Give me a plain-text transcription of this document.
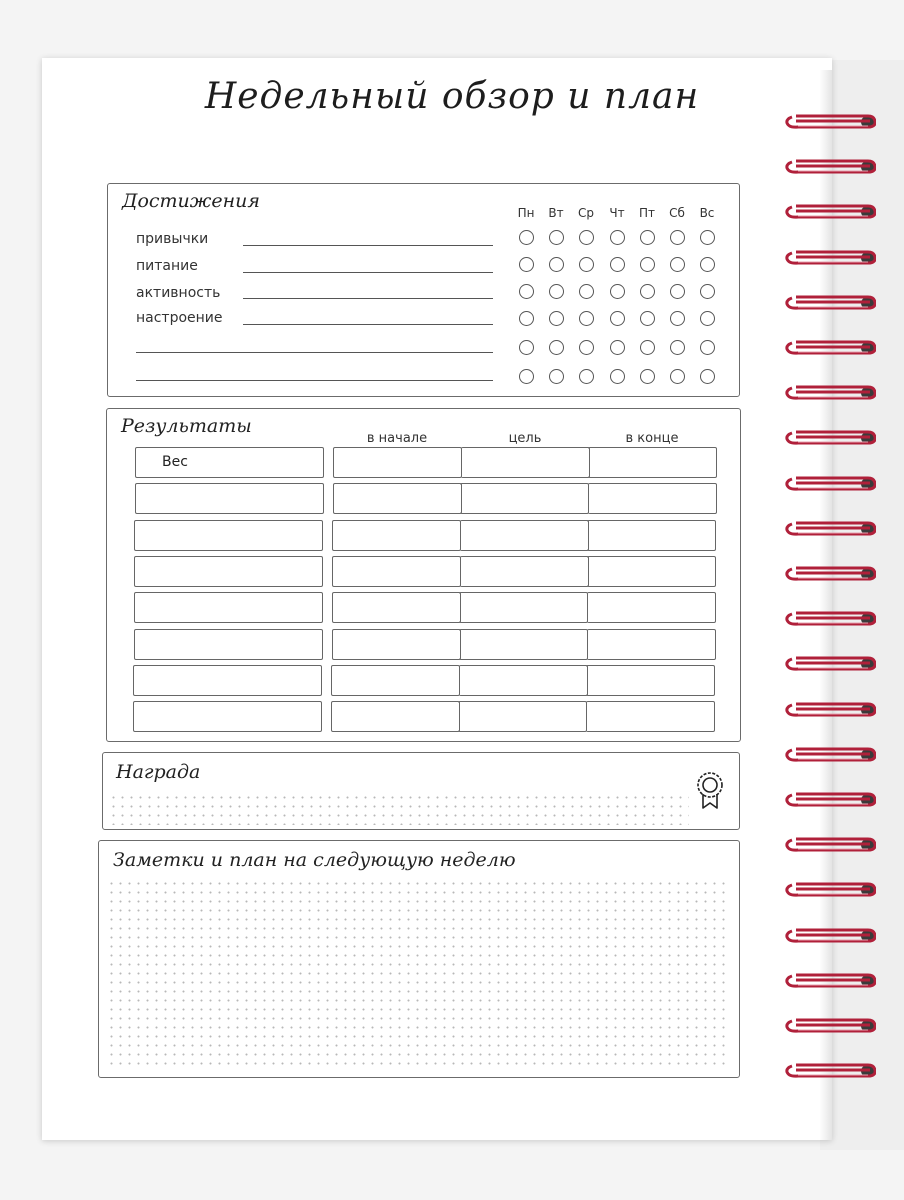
Недельный обзор и план
Достижения
Пн	Вт	Ср	Чт	Пт	Сб	Вс
привычки
питание
активность
настроение
Результаты
в начале	цель	в конце
Вес
Награда
Заметки и план на следующую неделю
